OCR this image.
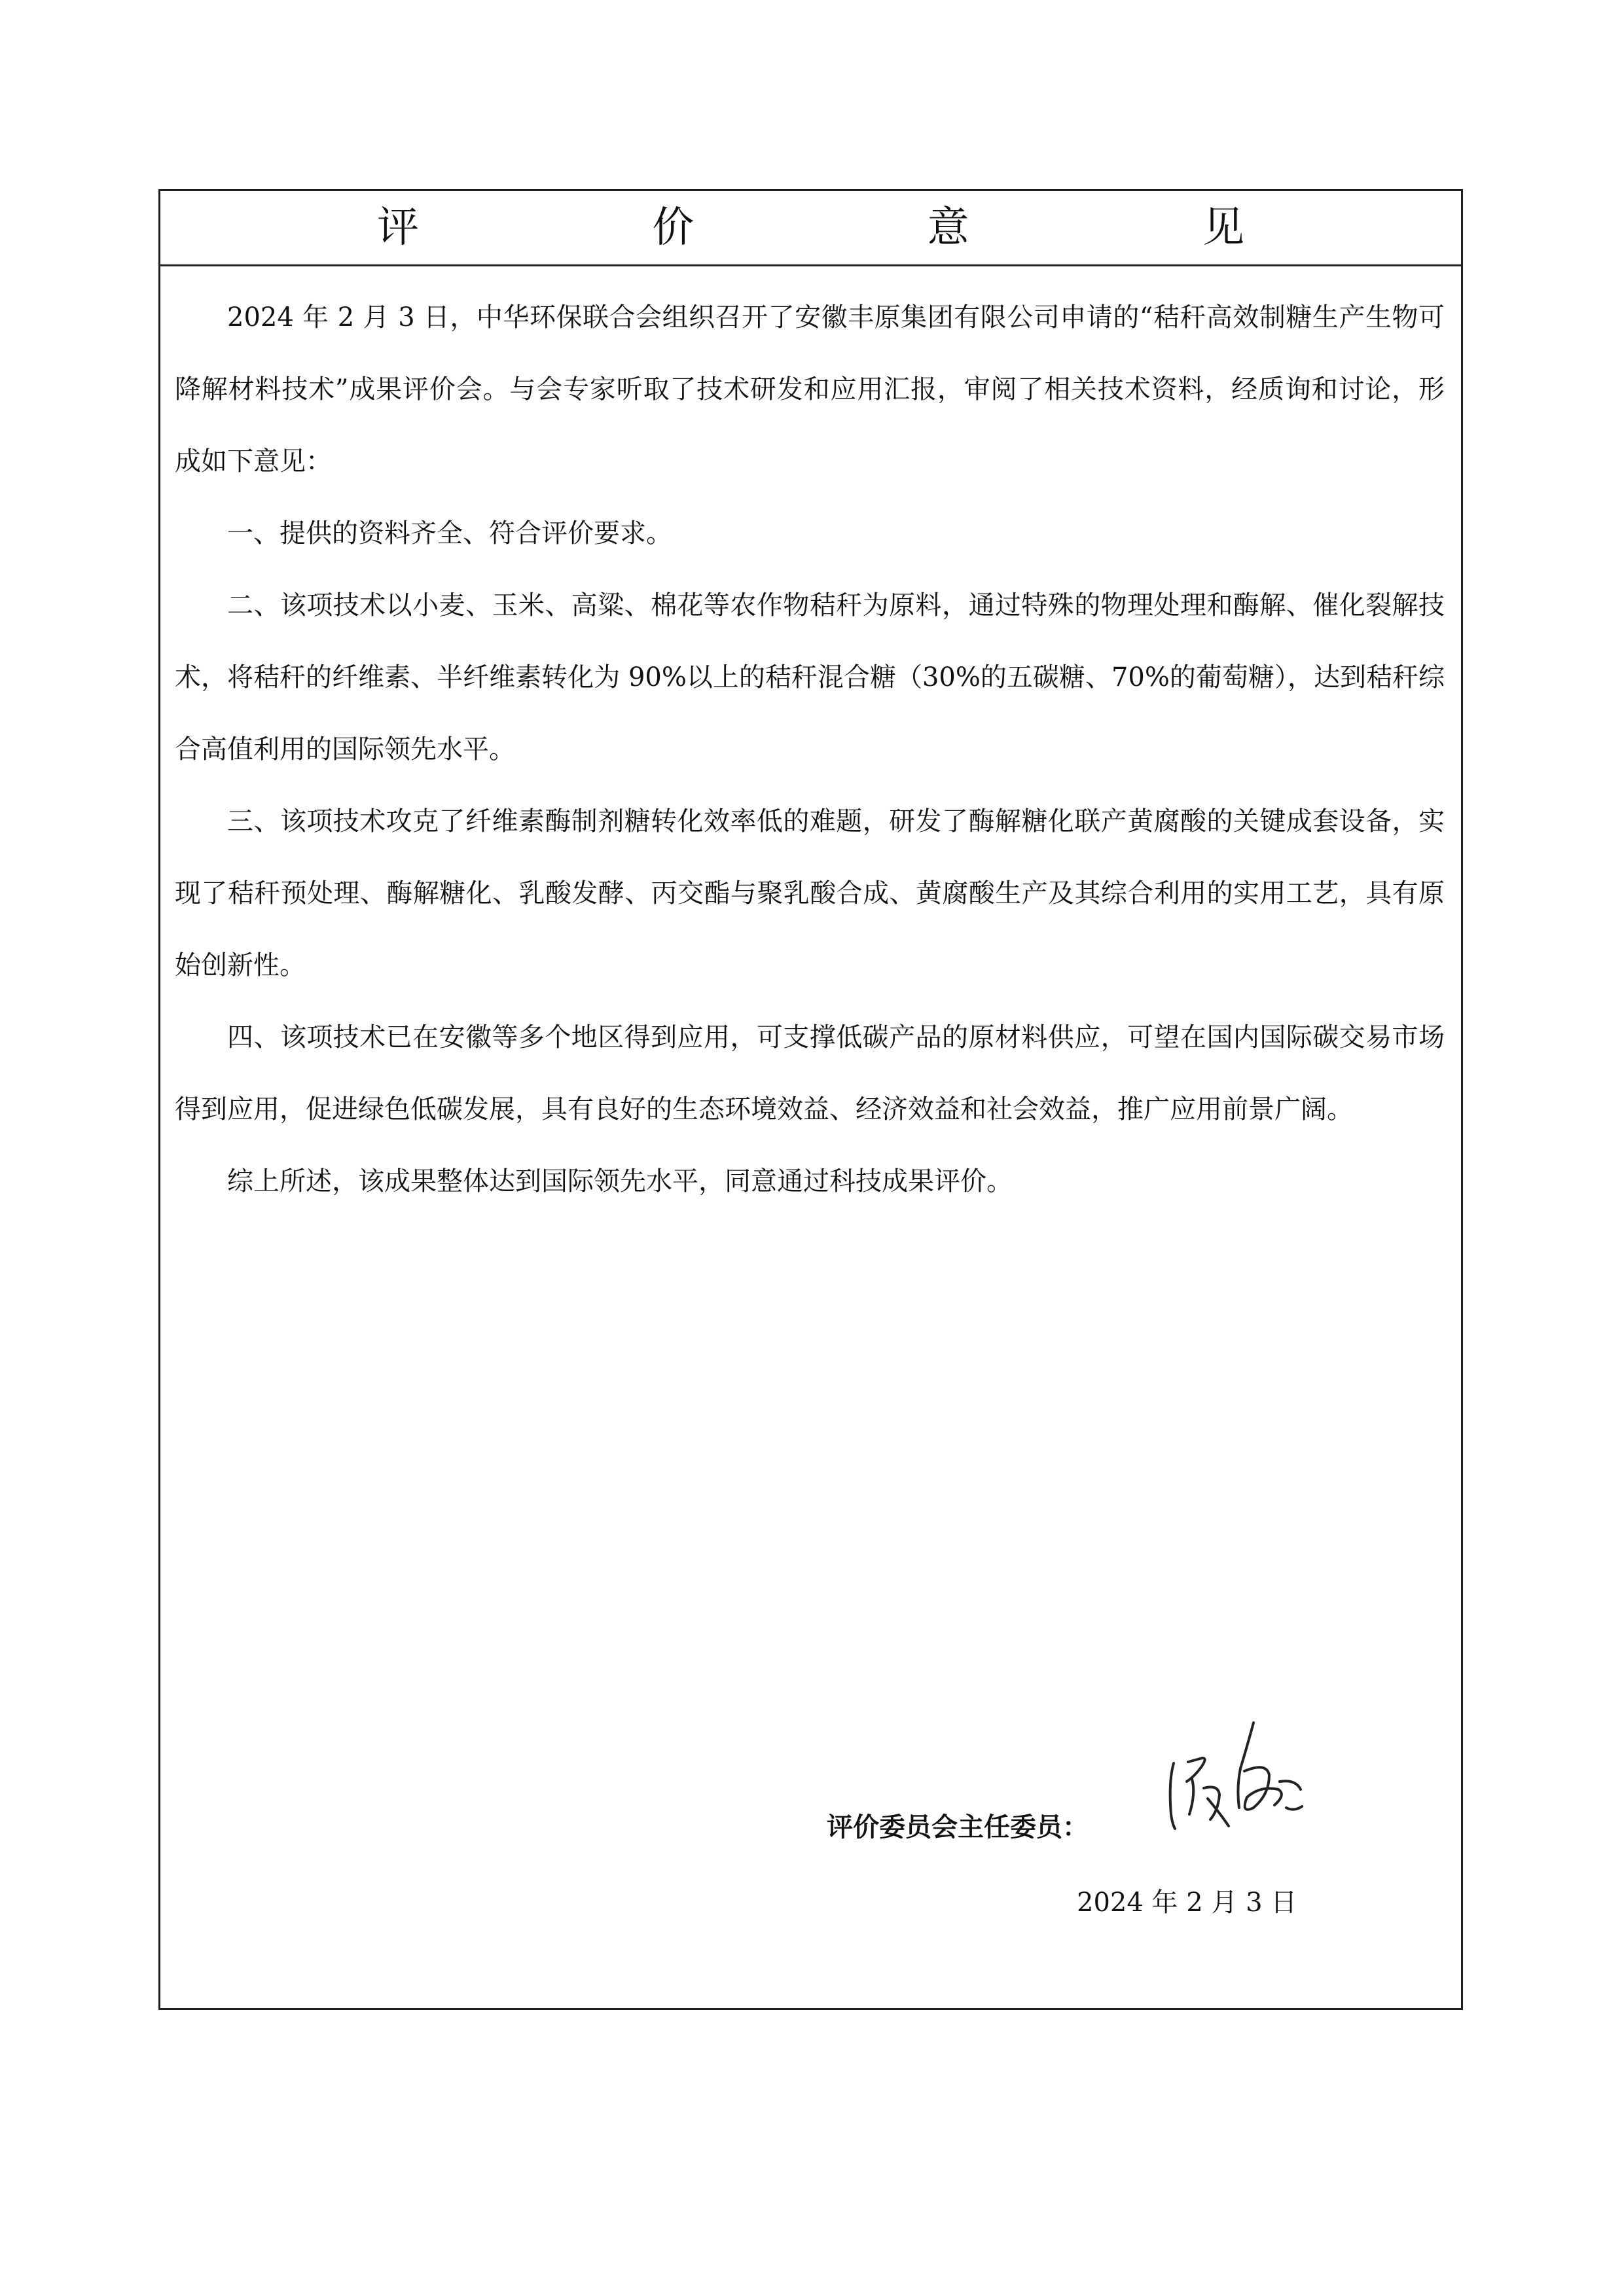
评 价 意 见

2024 年 2 月 3 日，中华环保联合会组织召开了安徽丰原集团有限公司申请的“秸秆高效制糖生产生物可降解材料技术”成果评价会。与会专家听取了技术研发和应用汇报，审阅了相关技术资料，经质询和讨论，形成如下意见：

一、提供的资料齐全、符合评价要求。

二、该项技术以小麦、玉米、高粱、棉花等农作物秸秆为原料，通过特殊的物理处理和酶解、催化裂解技术，将秸秆的纤维素、半纤维素转化为 90%以上的秸秆混合糖（30%的五碳糖、70%的葡萄糖），达到秸秆综合高值利用的国际领先水平。

三、该项技术攻克了纤维素酶制剂糖转化效率低的难题，研发了酶解糖化联产黄腐酸的关键成套设备，实现了秸秆预处理、酶解糖化、乳酸发酵、丙交酯与聚乳酸合成、黄腐酸生产及其综合利用的实用工艺，具有原始创新性。

四、该项技术已在安徽等多个地区得到应用，可支撑低碳产品的原材料供应，可望在国内国际碳交易市场得到应用，促进绿色低碳发展，具有良好的生态环境效益、经济效益和社会效益，推广应用前景广阔。

综上所述，该成果整体达到国际领先水平，同意通过科技成果评价。

评价委员会主任委员：
2024 年 2 月 3 日
